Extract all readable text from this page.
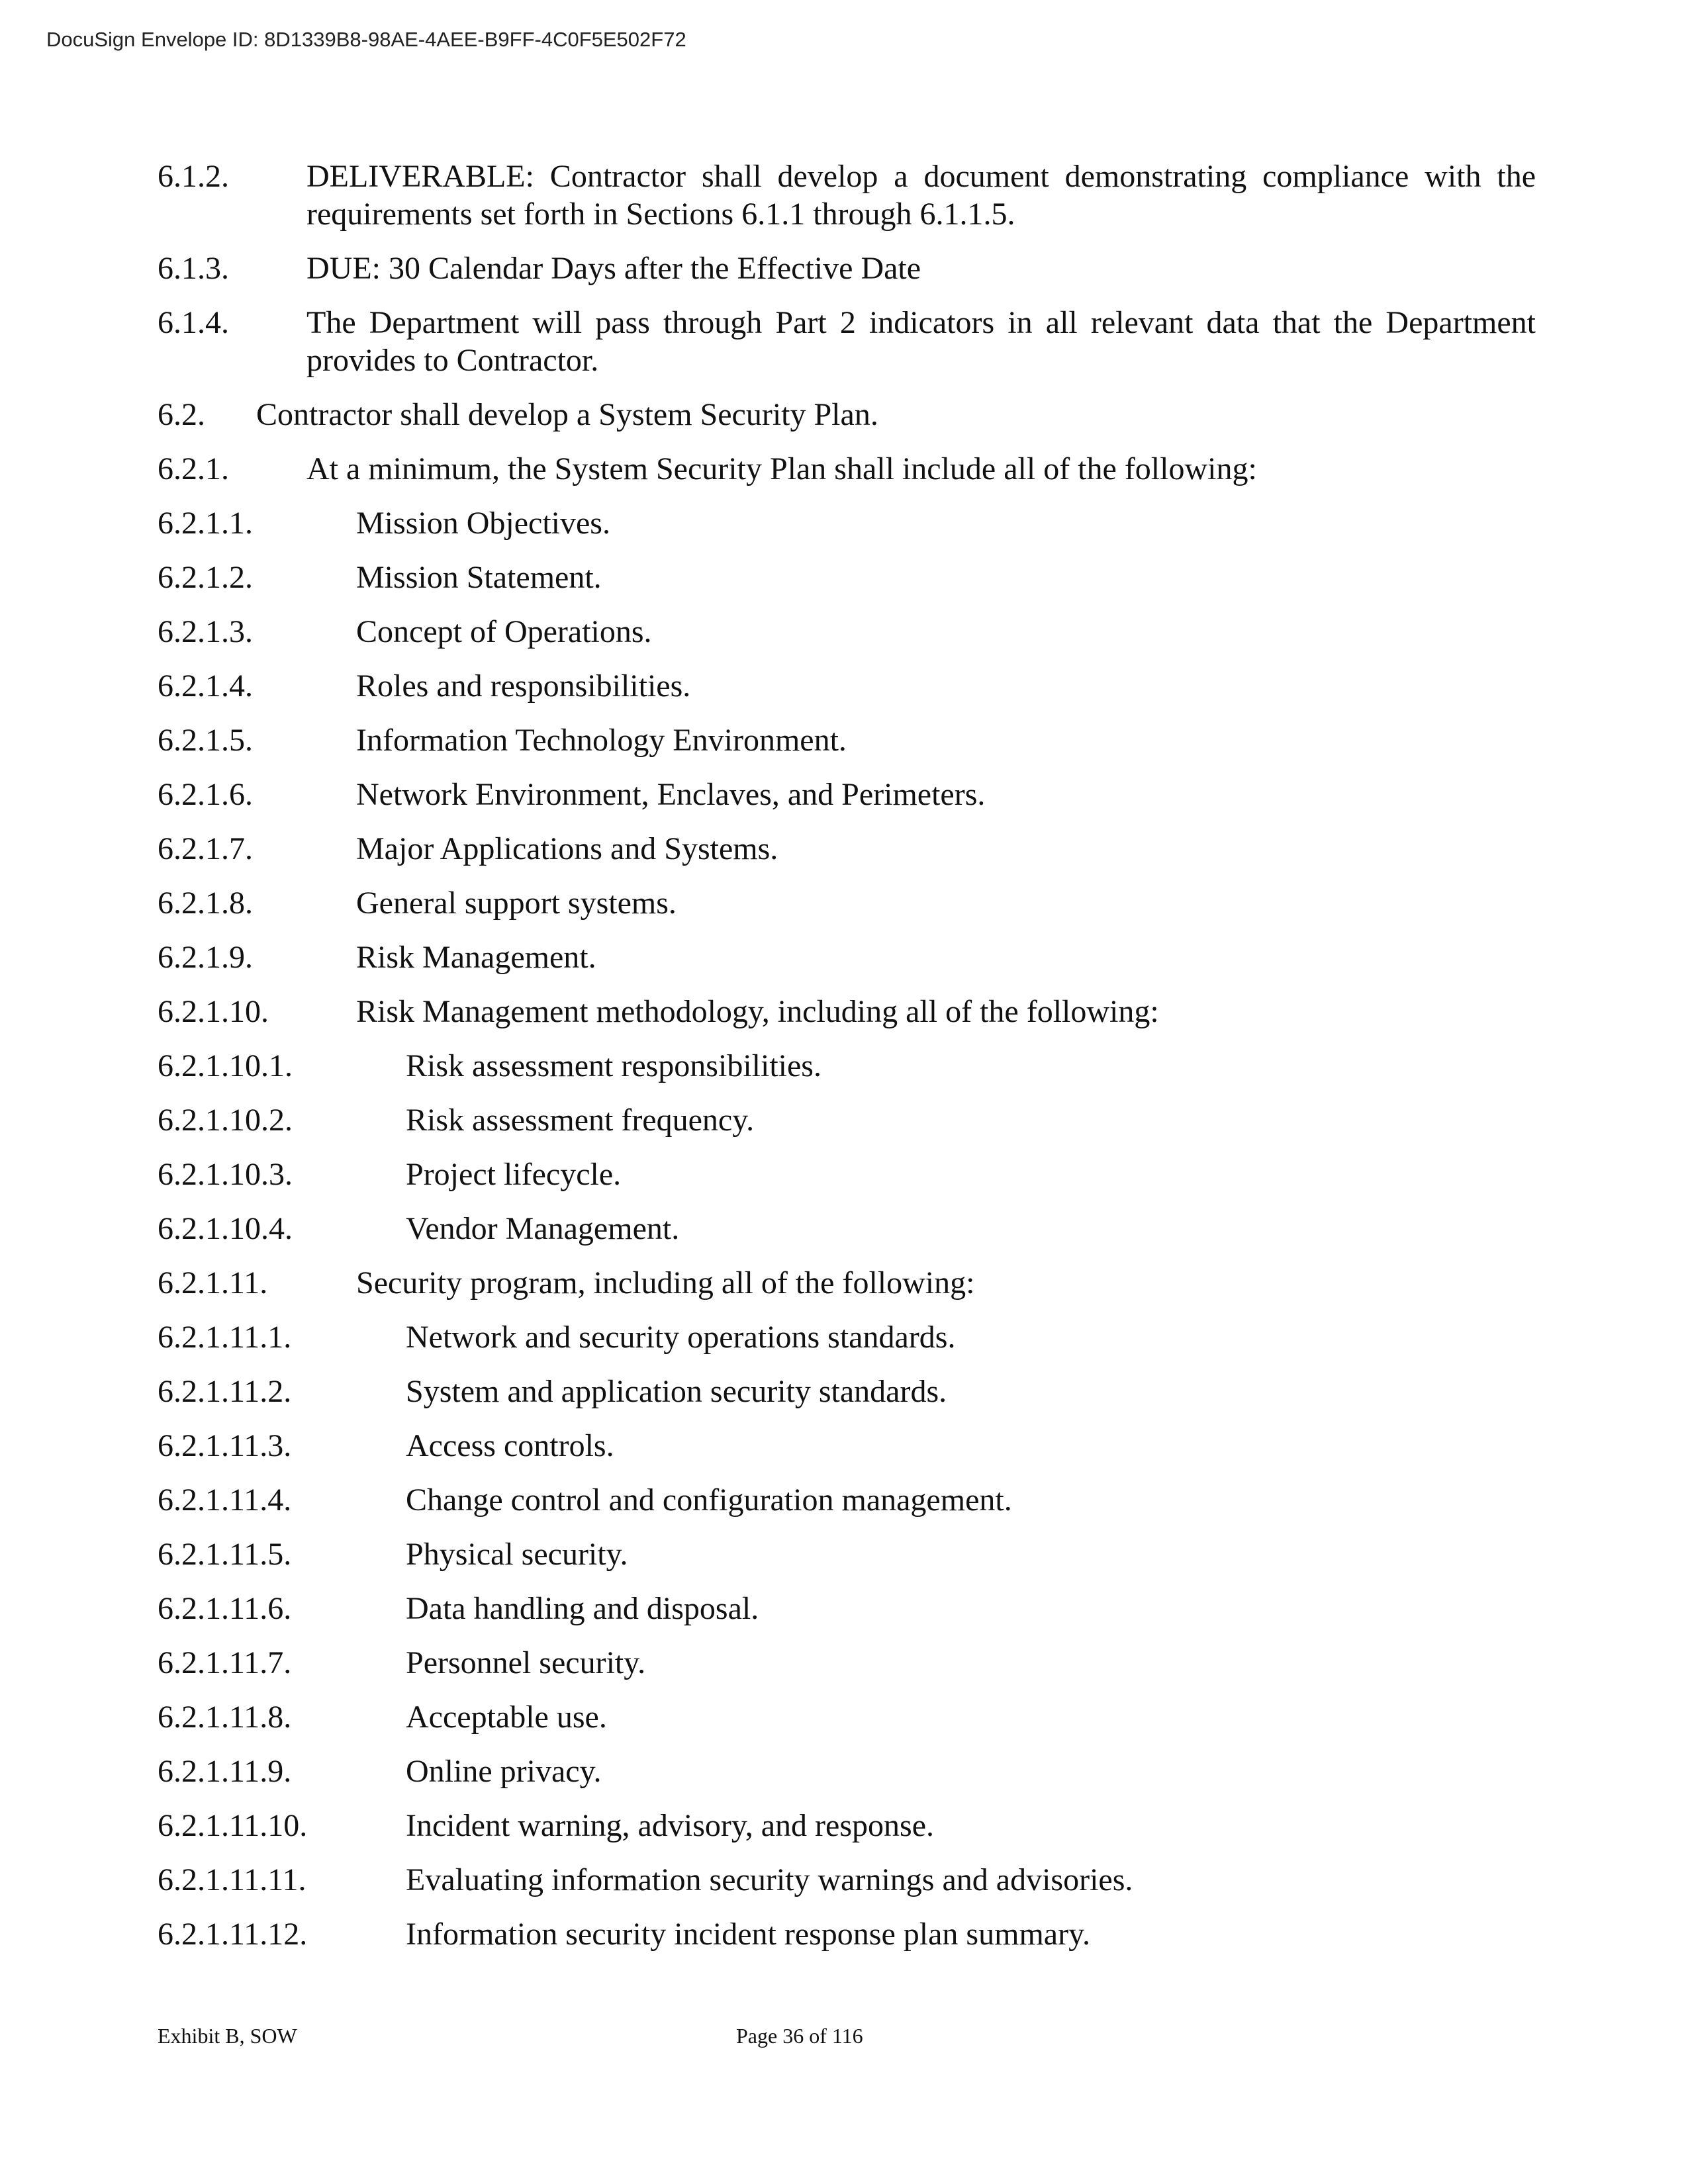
DocuSign Envelope ID: 8D1339B8-98AE-4AEE-B9FF-4C0F5E502F72
6.1.2.	DELIVERABLE: Contractor shall develop a document demonstrating compliance with the requirements set forth in Sections 6.1.1 through 6.1.1.5.
6.1.3.	DUE: 30 Calendar Days after the Effective Date
6.1.4.	The Department will pass through Part 2 indicators in all relevant data that the Department provides to Contractor.
6.2.	Contractor shall develop a System Security Plan.
6.2.1.	At a minimum, the System Security Plan shall include all of the following:
6.2.1.1.	Mission Objectives.
6.2.1.2.	Mission Statement.
6.2.1.3.	Concept of Operations.
6.2.1.4.	Roles and responsibilities.
6.2.1.5.	Information Technology Environment.
6.2.1.6.	Network Environment, Enclaves, and Perimeters.
6.2.1.7.	Major Applications and Systems.
6.2.1.8.	General support systems.
6.2.1.9.	Risk Management.
6.2.1.10.	Risk Management methodology, including all of the following:
6.2.1.10.1.	Risk assessment responsibilities.
6.2.1.10.2.	Risk assessment frequency.
6.2.1.10.3.	Project lifecycle.
6.2.1.10.4.	Vendor Management.
6.2.1.11.	Security program, including all of the following:
6.2.1.11.1.	Network and security operations standards.
6.2.1.11.2.	System and application security standards.
6.2.1.11.3.	Access controls.
6.2.1.11.4.	Change control and configuration management.
6.2.1.11.5.	Physical security.
6.2.1.11.6.	Data handling and disposal.
6.2.1.11.7.	Personnel security.
6.2.1.11.8.	Acceptable use.
6.2.1.11.9.	Online privacy.
6.2.1.11.10.	Incident warning, advisory, and response.
6.2.1.11.11.	Evaluating information security warnings and advisories.
6.2.1.11.12.	Information security incident response plan summary.
Exhibit B, SOW	Page 36 of 116
